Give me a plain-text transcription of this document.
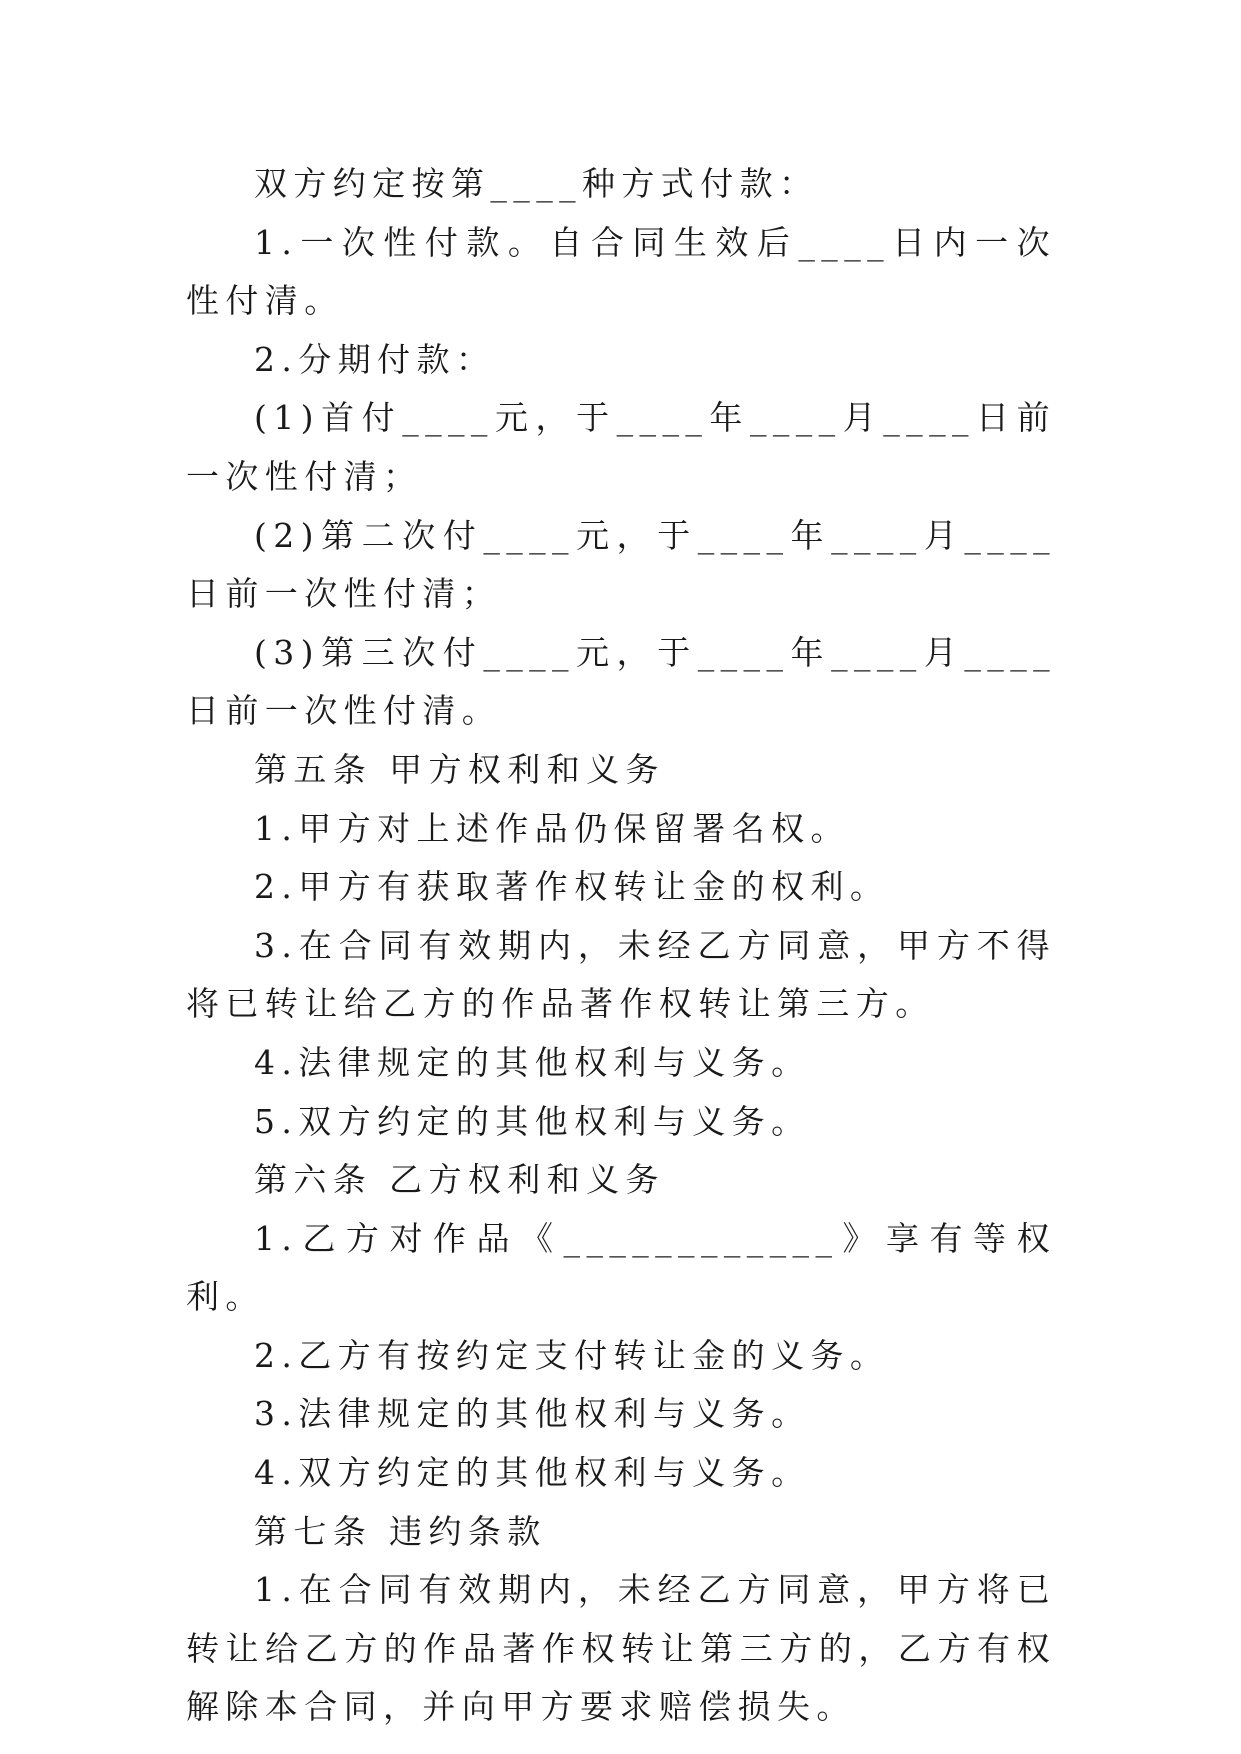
双方约定按第____种方式付款：

1.一次性付款。自合同生效后____日内一次性付清。

2.分期付款：

(1)首付____元，于____年____月____日前一次性付清；

(2)第二次付____元，于____年____月____日前一次性付清；

(3)第三次付____元，于____年____月____日前一次性付清。

第五条 甲方权利和义务

1.甲方对上述作品仍保留署名权。

2.甲方有获取著作权转让金的权利。

3.在合同有效期内，未经乙方同意，甲方不得将已转让给乙方的作品著作权转让第三方。

4.法律规定的其他权利与义务。

5.双方约定的其他权利与义务。

第六条 乙方权利和义务

1.乙方对作品《____________》享有等权利。

2.乙方有按约定支付转让金的义务。

3.法律规定的其他权利与义务。

4.双方约定的其他权利与义务。

第七条 违约条款

1.在合同有效期内，未经乙方同意，甲方将已转让给乙方的作品著作权转让第三方的，乙方有权解除本合同，并向甲方要求赔偿损失。
